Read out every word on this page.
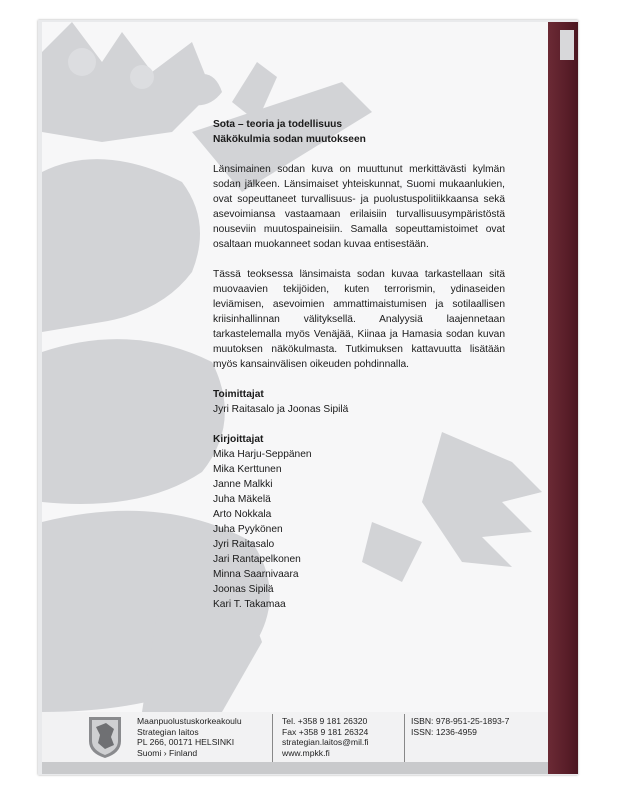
Sota – teoria ja todellisuus

Näkökulmia sodan muutokseen

Länsimainen sodan kuva on muuttunut merkittävästi kylmän sodan jälkeen. Länsimaiset yhteiskunnat, Suomi mukaanlukien, ovat sopeuttaneet turvallisuus- ja puolustuspolitiikkaansa sekä asevoimiansa vastaamaan erilaisiin turvallisuusympäristöstä nouseviin muutospaineisiin. Samalla sopeuttamistoimet ovat osaltaan muokanneet sodan kuvaa entisestään.

Tässä teoksessa länsimaista sodan kuvaa tarkastellaan sitä muovaavien tekijöiden, kuten terrorismin, ydinaseiden leviämisen, asevoimien ammattimaistumisen ja sotilaallisen kriisinhallinnan välityksellä. Analyysiä laajennetaan tarkastelemalla myös Venäjää, Kiinaa ja Hamasia sodan kuvan muutoksen näkökulmasta. Tutkimuksen kattavuutta lisätään myös kansainvälisen oikeuden pohdinnalla.

Toimittajat

Jyri Raitasalo ja Joonas Sipilä

Kirjoittajat

Mika Harju-Seppänen

Mika Kerttunen

Janne Malkki

Juha Mäkelä

Arto Nokkala

Juha Pyykönen

Jyri Raitasalo

Jari Rantapelkonen

Minna Saarnivaara

Joonas Sipilä

Kari T. Takamaa

Maanpuolustuskorkeakoulu
Strategian laitos
PL 266, 00171 HELSINKI
Suomi › Finland
Tel. +358 9 181 26320
Fax +358 9 181 26324
strategian.laitos@mil.fi
www.mpkk.fi
ISBN: 978-951-25-1893-7
ISSN: 1236-4959
